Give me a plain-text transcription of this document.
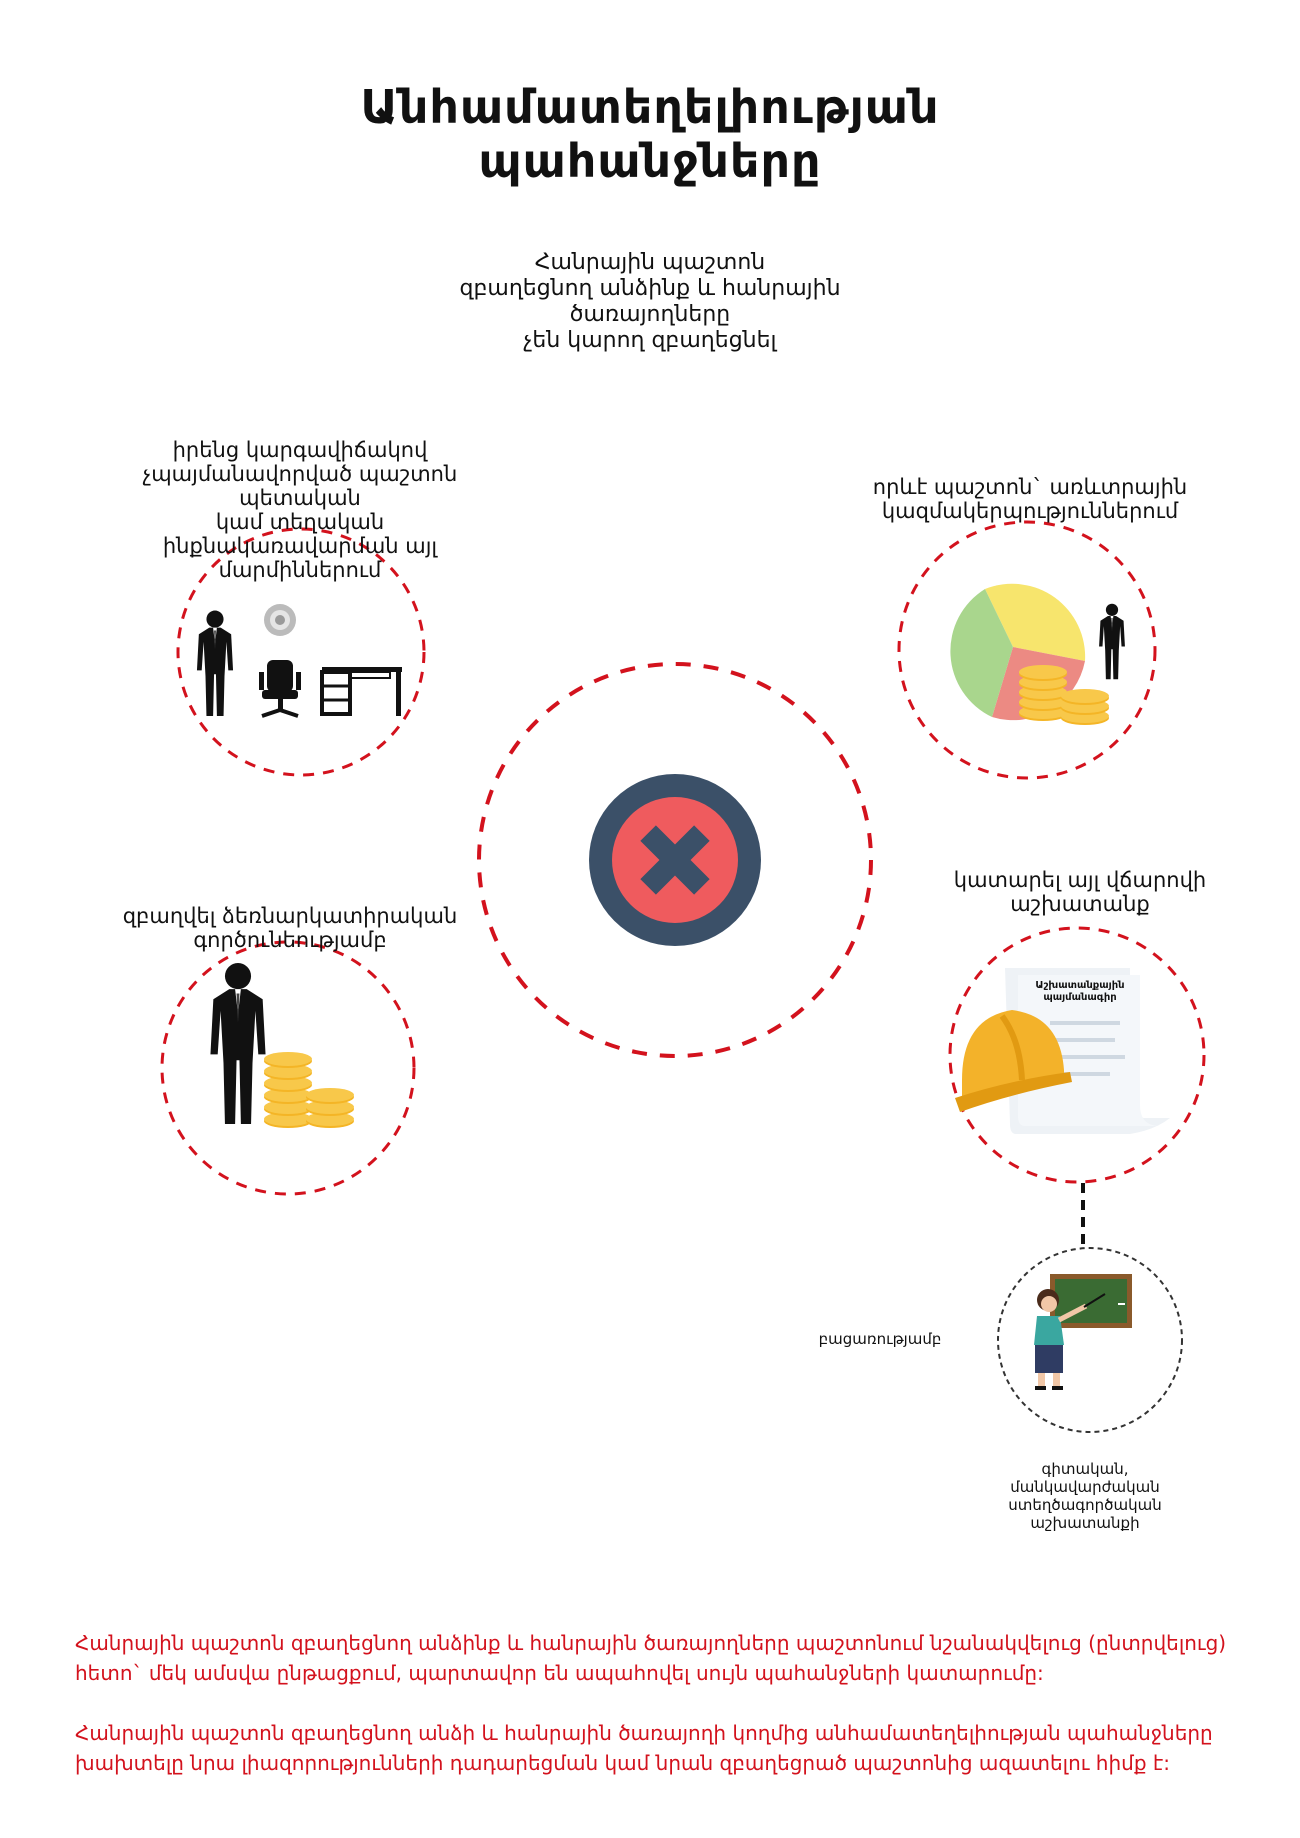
Անհամատեղելիության
պահանջները
Հանրային պաշտոն
զբաղեցնող անձինք և հանրային ծառայողները
չեն կարող զբաղեցնել
իրենց կարգավիճակով
չպայմանավորված պաշտոն պետական
կամ տեղական
ինքնակառավարման այլ մարմիններում
որևէ պաշտոն` առևտրային
կազմակերպություններում
զբաղվել ձեռնարկատիրական
գործունեությամբ
կատարել այլ վճարովի
աշխատանք
Աշխատանքային
պայմանագիր
բացառությամբ
գիտական,
մանկավարժական
ստեղծագործական
աշխատանքի

Հանրային պաշտոն զբաղեցնող անձինք և հանրային ծառայողները պաշտոնում նշանակվելուց (ընտրվելուց)
հետո` մեկ ամսվա ընթացքում, պարտավոր են ապահովել սույն պահանջների կատարումը:

Հանրային պաշտոն զբաղեցնող անձի և հանրային ծառայողի կողմից անհամատեղելիության պահանջները
խախտելը նրա լիազորությունների դադարեցման կամ նրան զբաղեցրած պաշտոնից ազատելու հիմք է:
